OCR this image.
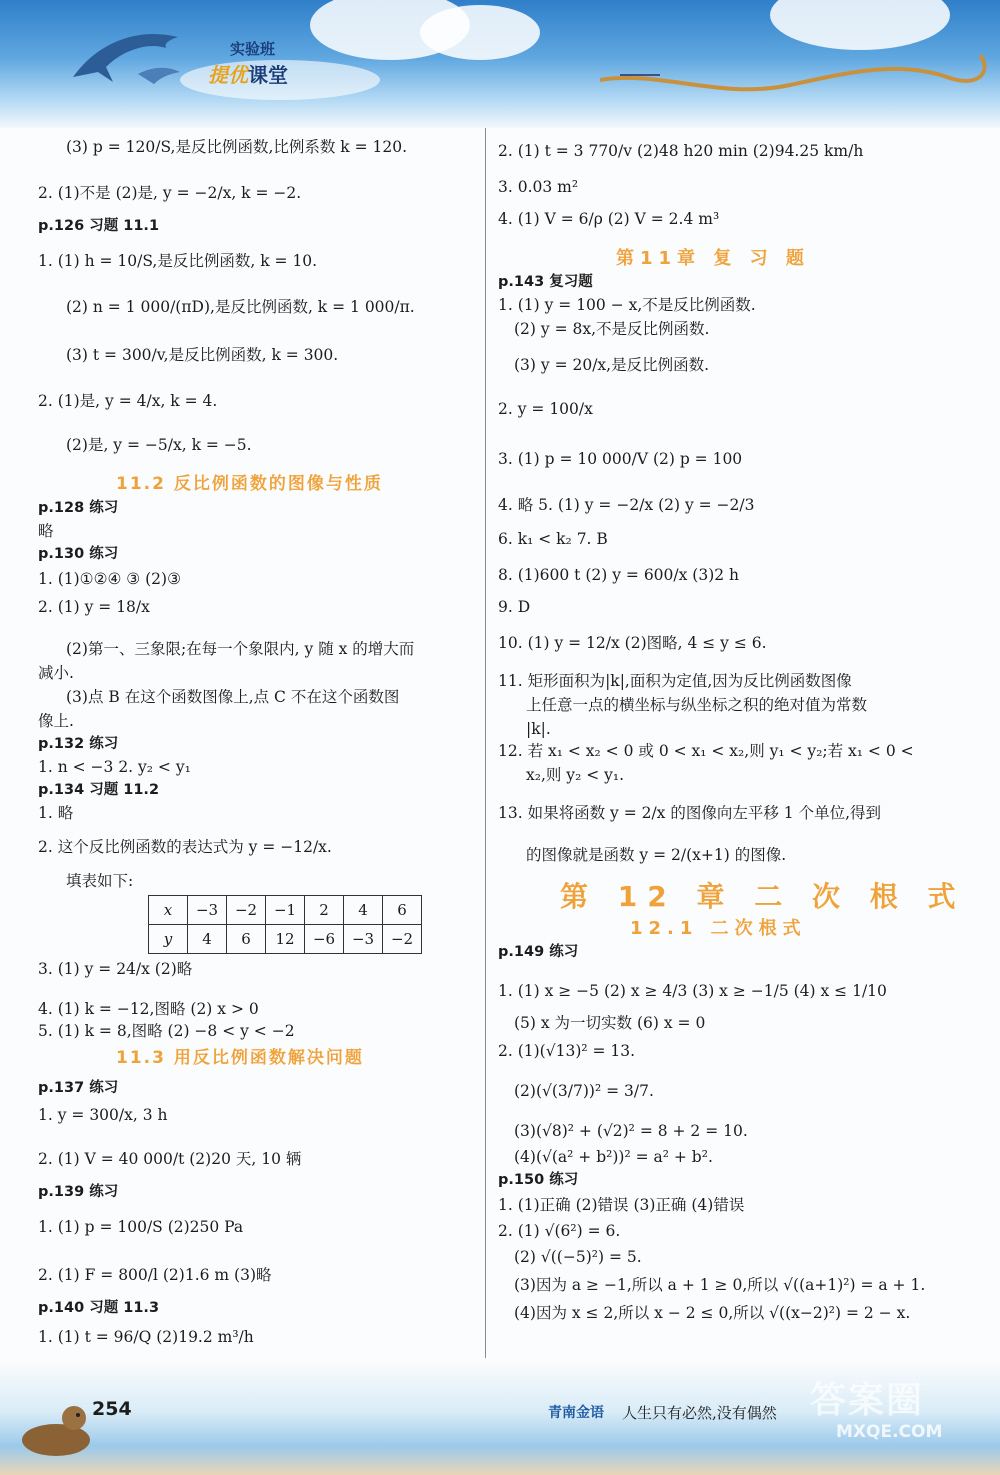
实验班
提优课堂
(3) p = 120/S,是反比例函数,比例系数 k = 120.
2. (1)不是 (2)是, y = −2/x, k = −2.
p.126 习题 11.1
1. (1) h = 10/S,是反比例函数, k = 10.
(2) n = 1 000/(πD),是反比例函数, k = 1 000/π.
(3) t = 300/v,是反比例函数, k = 300.
2. (1)是, y = 4/x, k = 4.
(2)是, y = −5/x, k = −5.
11.2 反比例函数的图像与性质
p.128 练习
略
p.130 练习
1. (1)①②④ ③ (2)③
2. (1) y = 18/x
(2)第一、三象限;在每一个象限内, y 随 x 的增大而
减小.
(3)点 B 在这个函数图像上,点 C 不在这个函数图
像上.
p.132 练习
1. n < −3 2. y₂ < y₁
p.134 习题 11.2
1. 略
2. 这个反比例函数的表达式为 y = −12/x.
填表如下:
3. (1) y = 24/x (2)略
4. (1) k = −12,图略 (2) x > 0
5. (1) k = 8,图略 (2) −8 < y < −2
11.3 用反比例函数解决问题
p.137 练习
1. y = 300/x, 3 h
2. (1) V = 40 000/t (2)20 天, 10 辆
p.139 练习
1. (1) p = 100/S (2)250 Pa
2. (1) F = 800/l (2)1.6 m (3)略
p.140 习题 11.3
1. (1) t = 96/Q (2)19.2 m³/h
x	−3	−2	−1	2	4	6
y	4	6	12	−6	−3	−2
2. (1) t = 3 770/v (2)48 h20 min (2)94.25 km/h
3. 0.03 m²
4. (1) V = 6/ρ (2) V = 2.4 m³
第11章 复 习 题
p.143 复习题
1. (1) y = 100 − x,不是反比例函数.
(2) y = 8x,不是反比例函数.
(3) y = 20/x,是反比例函数.
2. y = 100/x
3. (1) p = 10 000/V (2) p = 100
4. 略 5. (1) y = −2/x (2) y = −2/3
6. k₁ < k₂ 7. B
8. (1)600 t (2) y = 600/x (3)2 h
9. D
10. (1) y = 12/x (2)图略, 4 ≤ y ≤ 6.
11. 矩形面积为|k|,面积为定值,因为反比例函数图像
上任意一点的横坐标与纵坐标之积的绝对值为常数
|k|.
12. 若 x₁ < x₂ < 0 或 0 < x₁ < x₂,则 y₁ < y₂;若 x₁ < 0 <
x₂,则 y₂ < y₁.
13. 如果将函数 y = 2/x 的图像向左平移 1 个单位,得到
的图像就是函数 y = 2/(x+1) 的图像.
第 12 章 二 次 根 式
12.1 二次根式
p.149 练习
1. (1) x ≥ −5 (2) x ≥ 4/3 (3) x ≥ −1/5 (4) x ≤ 1/10
(5) x 为一切实数 (6) x = 0
2. (1)(√13)² = 13.
(2)(√(3/7))² = 3/7.
(3)(√8)² + (√2)² = 8 + 2 = 10.
(4)(√(a² + b²))² = a² + b².
p.150 练习
1. (1)正确 (2)错误 (3)正确 (4)错误
2. (1) √(6²) = 6.
(2) √((−5)²) = 5.
(3)因为 a ≥ −1,所以 a + 1 ≥ 0,所以 √((a+1)²) = a + 1.
(4)因为 x ≤ 2,所以 x − 2 ≤ 0,所以 √((x−2)²) = 2 − x.
254	青南金语 人生只有必然,没有偶然 答案圈
MXQE.COM
